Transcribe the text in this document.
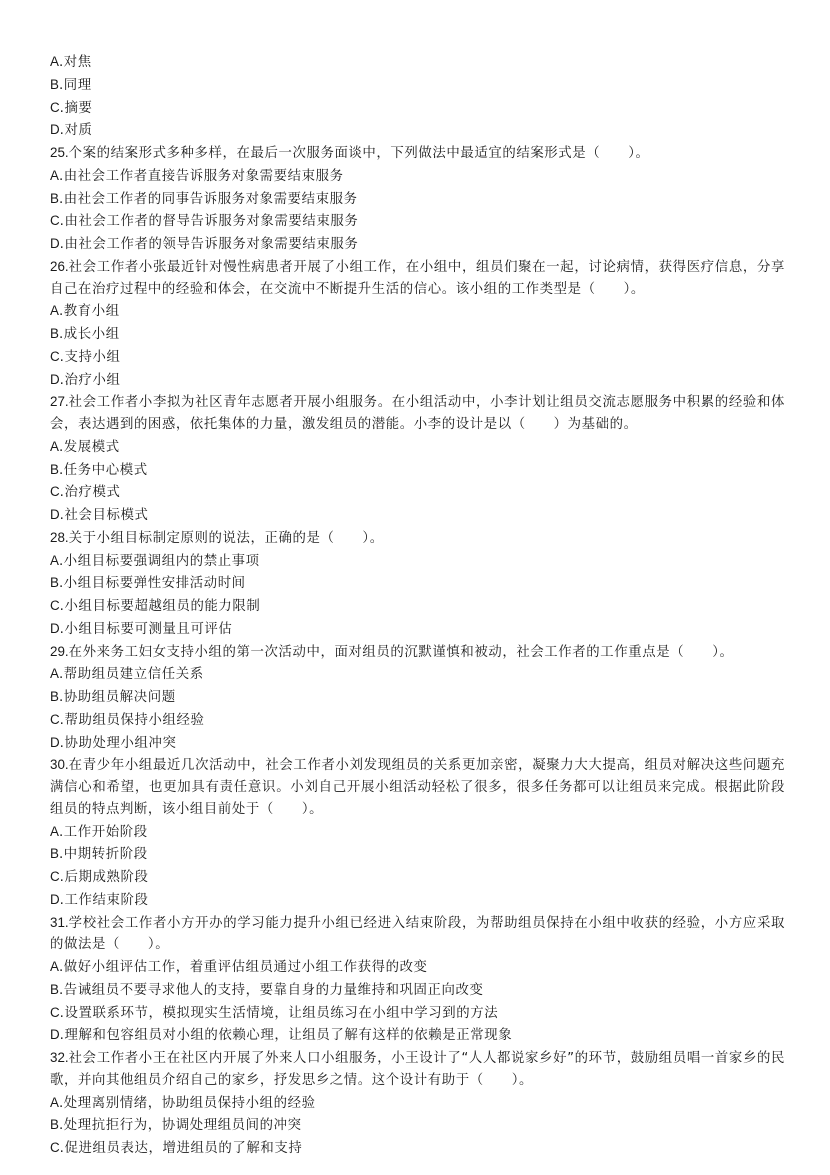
A.对焦
B.同理
C.摘要
D.对质
25.个案的结案形式多种多样，在最后一次服务面谈中，下列做法中最适宜的结案形式是（　　）。
A.由社会工作者直接告诉服务对象需要结束服务
B.由社会工作者的同事告诉服务对象需要结束服务
C.由社会工作者的督导告诉服务对象需要结束服务
D.由社会工作者的领导告诉服务对象需要结束服务
26.社会工作者小张最近针对慢性病患者开展了小组工作，在小组中，组员们聚在一起，讨论病情，获得医疗信息，分享自己在治疗过程中的经验和体会，在交流中不断提升生活的信心。该小组的工作类型是（　　）。
A.教育小组
B.成长小组
C.支持小组
D.治疗小组
27.社会工作者小李拟为社区青年志愿者开展小组服务。在小组活动中，小李计划让组员交流志愿服务中积累的经验和体会，表达遇到的困惑，依托集体的力量，激发组员的潜能。小李的设计是以（　　）为基础的。
A.发展模式
B.任务中心模式
C.治疗模式
D.社会目标模式
28.关于小组目标制定原则的说法，正确的是（　　）。
A.小组目标要强调组内的禁止事项
B.小组目标要弹性安排活动时间
C.小组目标要超越组员的能力限制
D.小组目标要可测量且可评估
29.在外来务工妇女支持小组的第一次活动中，面对组员的沉默谨慎和被动，社会工作者的工作重点是（　　）。
A.帮助组员建立信任关系
B.协助组员解决问题
C.帮助组员保持小组经验
D.协助处理小组冲突
30.在青少年小组最近几次活动中，社会工作者小刘发现组员的关系更加亲密，凝聚力大大提高，组员对解决这些问题充满信心和希望，也更加具有责任意识。小刘自己开展小组活动轻松了很多，很多任务都可以让组员来完成。根据此阶段组员的特点判断，该小组目前处于（　　）。
A.工作开始阶段
B.中期转折阶段
C.后期成熟阶段
D.工作结束阶段
31.学校社会工作者小方开办的学习能力提升小组已经进入结束阶段，为帮助组员保持在小组中收获的经验，小方应采取的做法是（　　）。
A.做好小组评估工作，着重评估组员通过小组工作获得的改变
B.告诫组员不要寻求他人的支持，要靠自身的力量维持和巩固正向改变
C.设置联系环节，模拟现实生活情境，让组员练习在小组中学习到的方法
D.理解和包容组员对小组的依赖心理，让组员了解有这样的依赖是正常现象
32.社会工作者小王在社区内开展了外来人口小组服务，小王设计了“人人都说家乡好”的环节，鼓励组员唱一首家乡的民歌，并向其他组员介绍自己的家乡，抒发思乡之情。这个设计有助于（　　）。
A.处理离别情绪，协助组员保持小组的经验
B.处理抗拒行为，协调处理组员间的冲突
C.促进组员表达，增进组员的了解和支持
